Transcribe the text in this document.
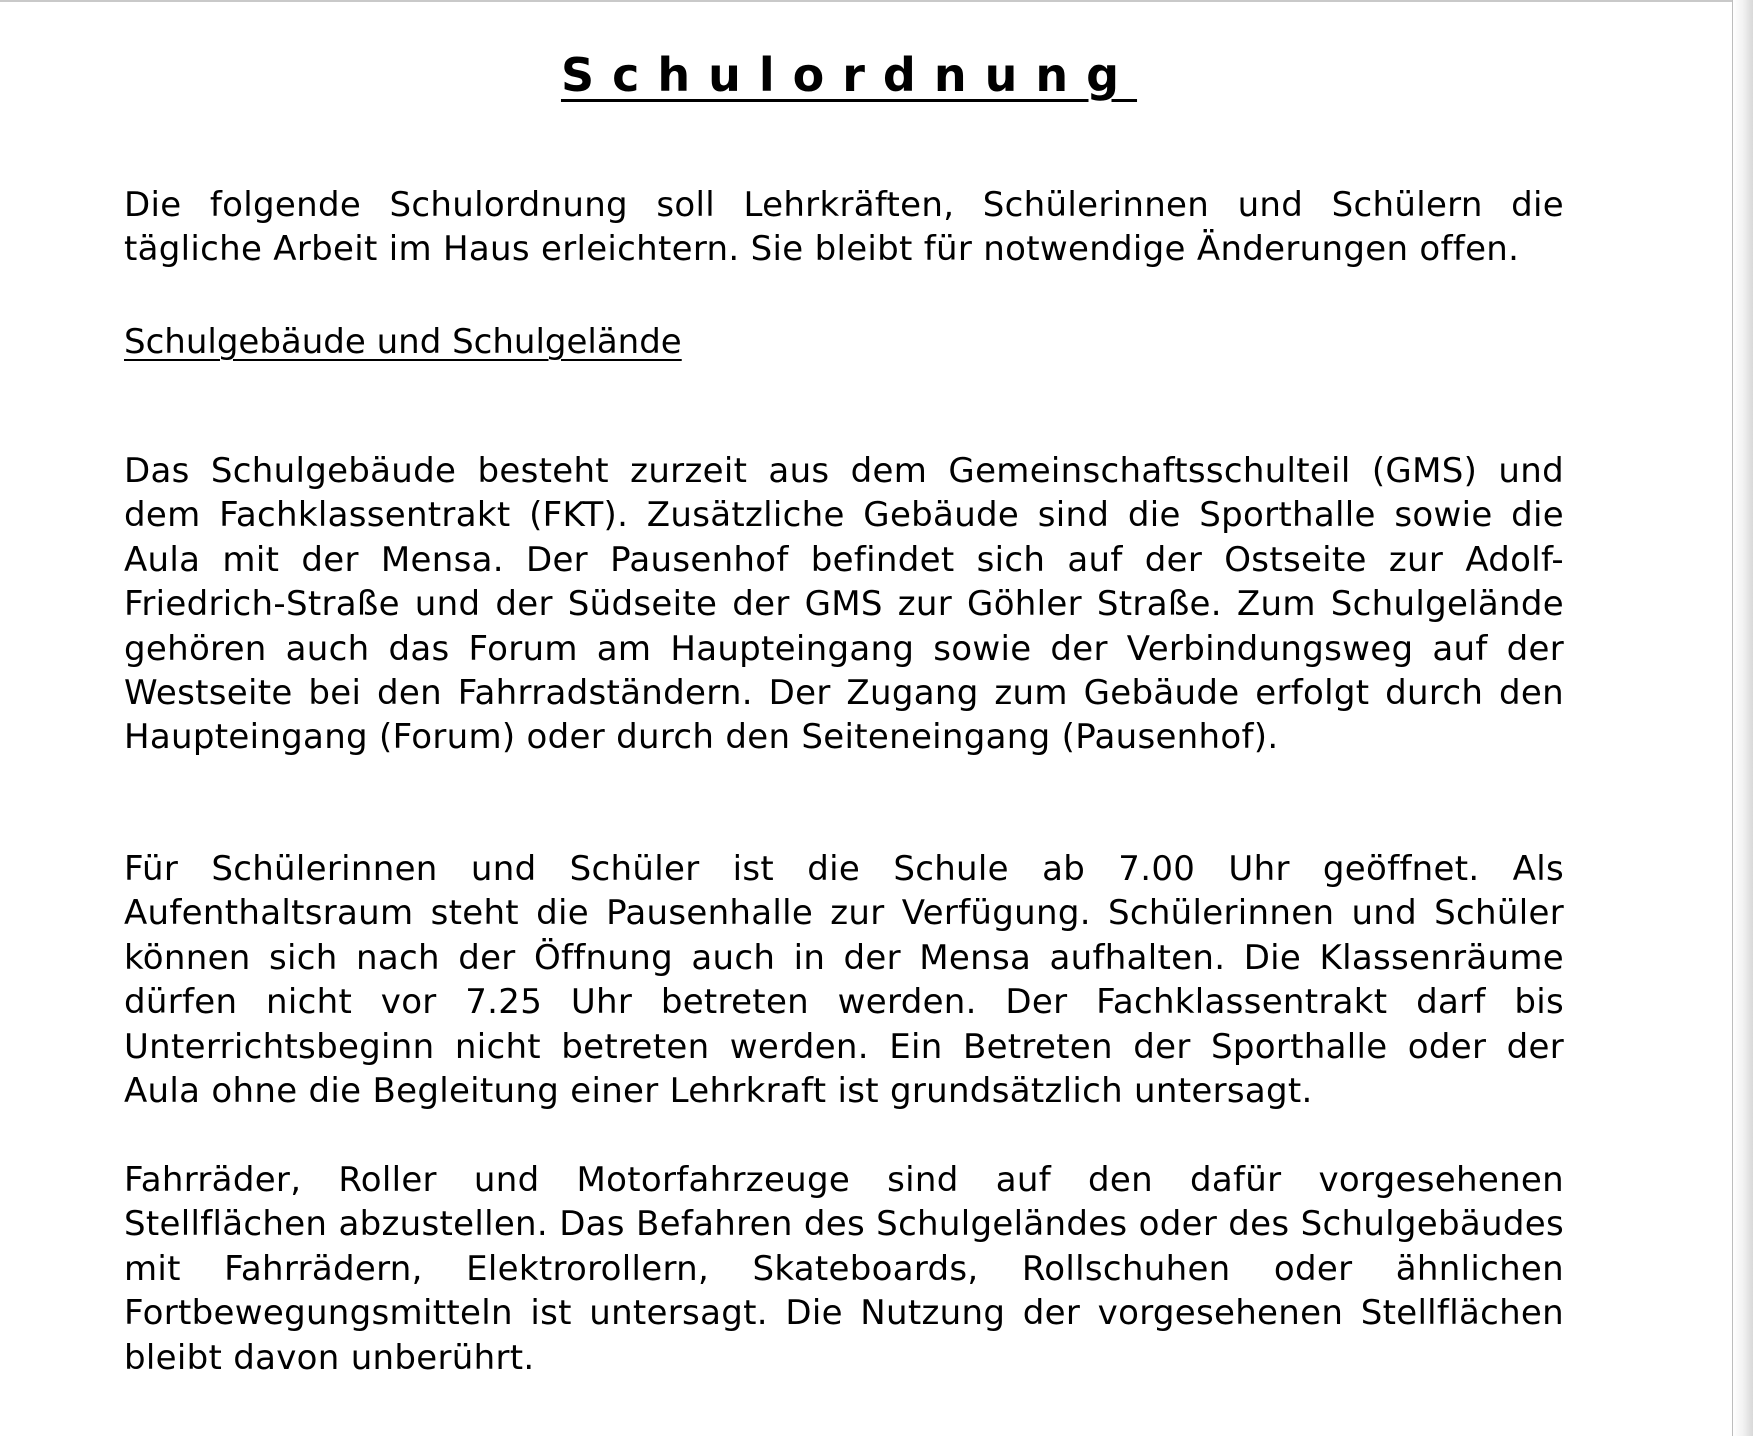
Schulordnung

Die folgende Schulordnung soll Lehrkräften, Schülerinnen und Schülern die tägliche Arbeit im Haus erleichtern. Sie bleibt für notwendige Änderungen offen.

Schulgebäude und Schulgelände

Das Schulgebäude besteht zurzeit aus dem Gemeinschaftsschulteil (GMS) und dem Fachklassentrakt (FKT). Zusätzliche Gebäude sind die Sporthalle sowie die Aula mit der Mensa. Der Pausenhof befindet sich auf der Ostseite zur Adolf-Friedrich-Straße und der Südseite der GMS zur Göhler Straße. Zum Schulgelände gehören auch das Forum am Haupteingang sowie der Verbindungsweg auf der Westseite bei den Fahrradständern. Der Zugang zum Gebäude erfolgt durch den Haupteingang (Forum) oder durch den Seiteneingang (Pausenhof).

Für Schülerinnen und Schüler ist die Schule ab 7.00 Uhr geöffnet. Als Aufenthaltsraum steht die Pausenhalle zur Verfügung. Schülerinnen und Schüler können sich nach der Öffnung auch in der Mensa aufhalten. Die Klassenräume dürfen nicht vor 7.25 Uhr betreten werden. Der Fachklassentrakt darf bis Unterrichtsbeginn nicht betreten werden. Ein Betreten der Sporthalle oder der Aula ohne die Begleitung einer Lehrkraft ist grundsätzlich untersagt.

Fahrräder, Roller und Motorfahrzeuge sind auf den dafür vorgesehenen Stellflächen abzustellen. Das Befahren des Schulgeländes oder des Schulgebäudes mit Fahrrädern, Elektrorollern, Skateboards, Rollschuhen oder ähnlichen Fortbewegungsmitteln ist untersagt. Die Nutzung der vorgesehenen Stellflächen bleibt davon unberührt.
